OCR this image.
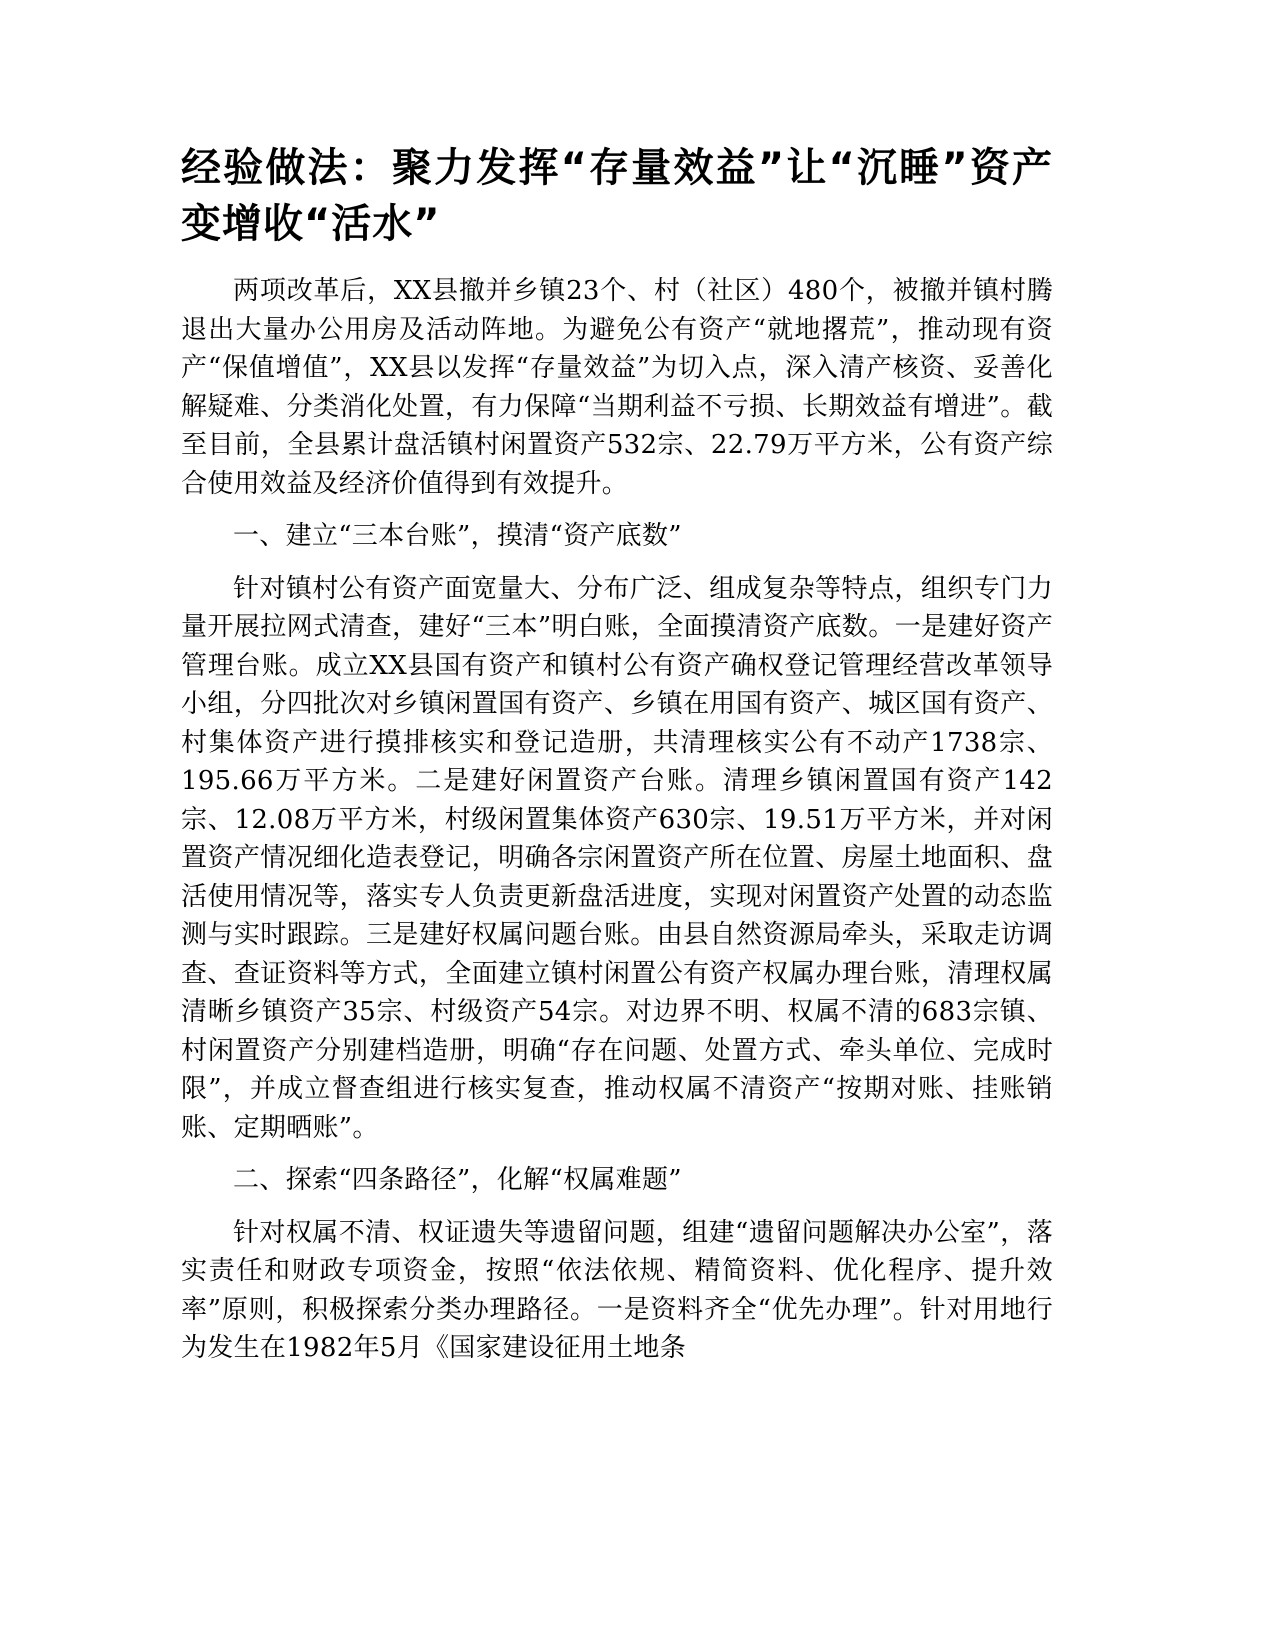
经验做法：聚力发挥“存量效益”让“沉睡”资产变增收“活水”

两项改革后，XX县撤并乡镇23个、村（社区）480个，被撤并镇村腾退出大量办公用房及活动阵地。为避免公有资产“就地撂荒”，推动现有资产“保值增值”，XX县以发挥“存量效益”为切入点，深入清产核资、妥善化解疑难、分类消化处置，有力保障“当期利益不亏损、长期效益有增进”。截至目前，全县累计盘活镇村闲置资产532宗、22.79万平方米，公有资产综合使用效益及经济价值得到有效提升。

一、建立“三本台账”，摸清“资产底数”

针对镇村公有资产面宽量大、分布广泛、组成复杂等特点，组织专门力量开展拉网式清查，建好“三本”明白账，全面摸清资产底数。一是建好资产管理台账。成立XX县国有资产和镇村公有资产确权登记管理经营改革领导小组，分四批次对乡镇闲置国有资产、乡镇在用国有资产、城区国有资产、村集体资产进行摸排核实和登记造册，共清理核实公有不动产1738宗、195.66万平方米。二是建好闲置资产台账。清理乡镇闲置国有资产142宗、12.08万平方米，村级闲置集体资产630宗、19.51万平方米，并对闲置资产情况细化造表登记，明确各宗闲置资产所在位置、房屋土地面积、盘活使用情况等，落实专人负责更新盘活进度，实现对闲置资产处置的动态监测与实时跟踪。三是建好权属问题台账。由县自然资源局牵头，采取走访调查、查证资料等方式，全面建立镇村闲置公有资产权属办理台账，清理权属清晰乡镇资产35宗、村级资产54宗。对边界不明、权属不清的683宗镇、村闲置资产分别建档造册，明确“存在问题、处置方式、牵头单位、完成时限”，并成立督查组进行核实复查，推动权属不清资产“按期对账、挂账销账、定期晒账”。

二、探索“四条路径”，化解“权属难题”

针对权属不清、权证遗失等遗留问题，组建“遗留问题解决办公室”，落实责任和财政专项资金，按照“依法依规、精简资料、优化程序、提升效率”原则，积极探索分类办理路径。一是资料齐全“优先办理”。针对用地行为发生在1982年5月《国家建设征用土地条
